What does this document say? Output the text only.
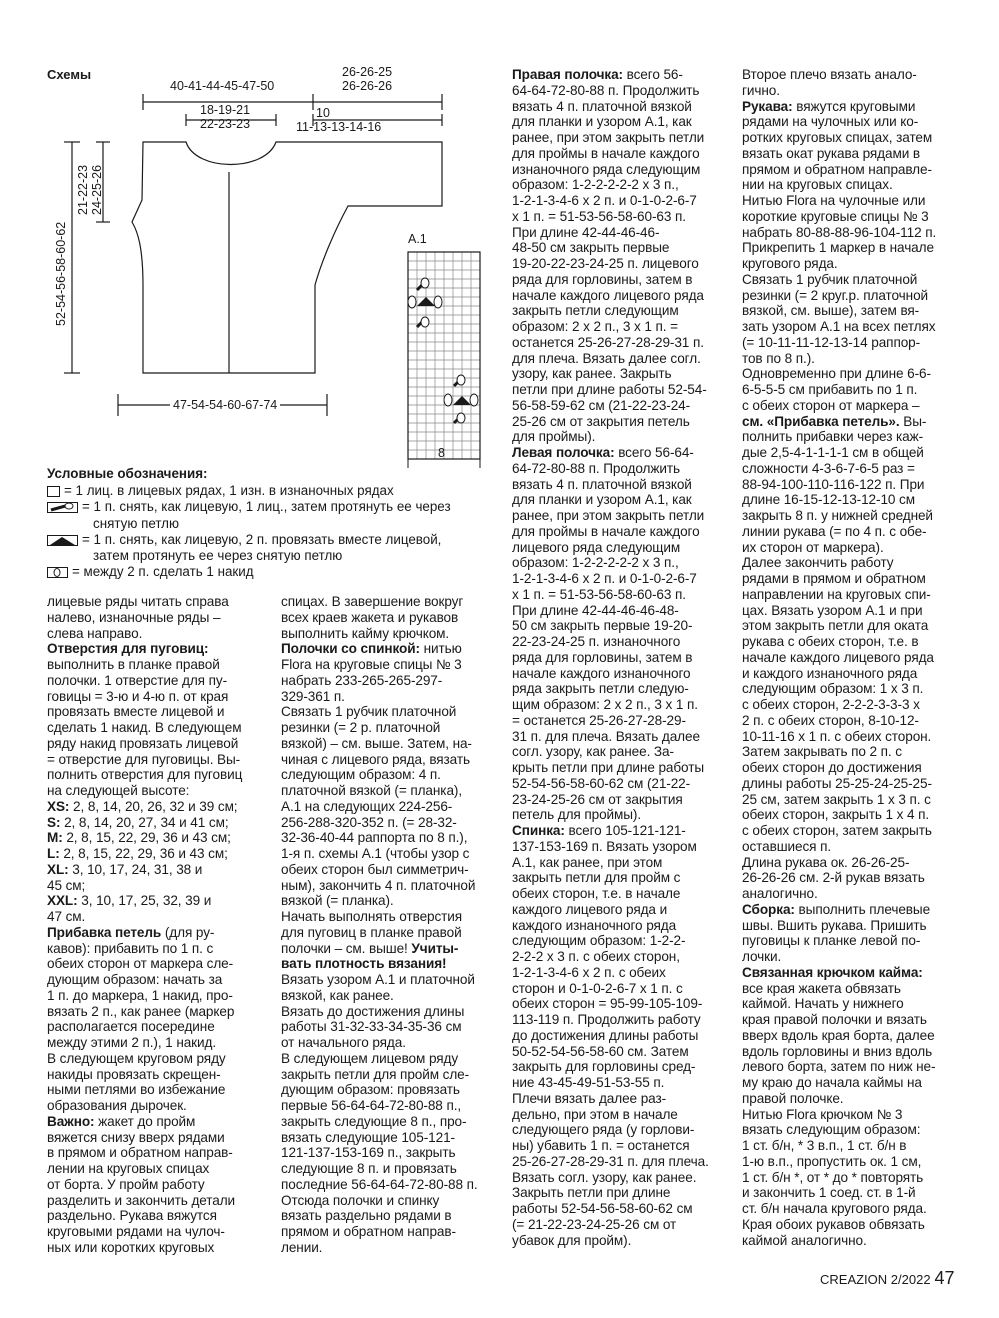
Схемы
40-41-44-45-47-50
26-26-25
26-26-26
18-19-21
22-23-23
10
11-13-13-14-16
21-22-23
24-25-26
52-54-56-58-60-62
47-54-54-60-67-74
A.1
8
Условные обозначения:
= 1 лиц. в лицевых рядах, 1 изн. в изнаночных рядах
= 1 п. снять, как лицевую, 1 лиц., затем протянуть ее через
снятую петлю
= 1 п. снять, как лицевую, 2 п. провязать вместе лицевой,
затем протянуть ее через снятую петлю
= между 2 п. сделать 1 накид
лицевые ряды читать справа
налево, изнаночные ряды –
слева направо.
Отверстия для пуговиц:
выполнить в планке правой
полочки. 1 отверстие для пу-
говицы = 3-ю и 4-ю п. от края
провязать вместе лицевой и
сделать 1 накид. В следующем
ряду накид провязать лицевой
= отверстие для пуговицы. Вы-
полнить отверстия для пуговиц
на следующей высоте:
XS: 2, 8, 14, 20, 26, 32 и 39 см;
S: 2, 8, 14, 20, 27, 34 и 41 см;
M: 2, 8, 15, 22, 29, 36 и 43 см;
L: 2, 8, 15, 22, 29, 36 и 43 см;
XL: 3, 10, 17, 24, 31, 38 и
45 см;
XXL: 3, 10, 17, 25, 32, 39 и
47 см.
Прибавка петель (для ру-
кавов): прибавить по 1 п. с
обеих сторон от маркера сле-
дующим образом: начать за
1 п. до маркера, 1 накид, про-
вязать 2 п., как ранее (маркер
располагается посередине
между этими 2 п.), 1 накид.
В следующем круговом ряду
накиды провязать скрещен-
ными петлями во избежание
образования дырочек.
Важно: жакет до пройм
вяжется снизу вверх рядами
в прямом и обратном направ-
лении на круговых спицах
от борта. У пройм работу
разделить и закончить детали
раздельно. Рукава вяжутся
круговыми рядами на чулоч-
ных или коротких круговых
спицах. В завершение вокруг
всех краев жакета и рукавов
выполнить кайму крючком.
Полочки со спинкой: нитью
Flora на круговые спицы № 3
набрать 233-265-265-297-
329-361 п.
Связать 1 рубчик платочной
резинки (= 2 р. платочной
вязкой) – см. выше. Затем, на-
чиная с лицевого ряда, вязать
следующим образом: 4 п.
платочной вязкой (= планка),
A.1 на следующих 224-256-
256-288-320-352 п. (= 28-32-
32-36-40-44 раппорта по 8 п.),
1-я п. схемы A.1 (чтобы узор с
обеих сторон был симметрич-
ным), закончить 4 п. платочной
вязкой (= планка).
Начать выполнять отверстия
для пуговиц в планке правой
полочки – см. выше! Учиты-
вать плотность вязания!
Вязать узором A.1 и платочной
вязкой, как ранее.
Вязать до достижения длины
работы 31-32-33-34-35-36 см
от начального ряда.
В следующем лицевом ряду
закрыть петли для пройм сле-
дующим образом: провязать
первые 56-64-64-72-80-88 п.,
закрыть следующие 8 п., про-
вязать следующие 105-121-
121-137-153-169 п., закрыть
следующие 8 п. и провязать
последние 56-64-64-72-80-88 п.
Отсюда полочки и спинку
вязать раздельно рядами в
прямом и обратном направ-
лении.
Правая полочка: всего 56-
64-64-72-80-88 п. Продолжить
вязать 4 п. платочной вязкой
для планки и узором A.1, как
ранее, при этом закрыть петли
для проймы в начале каждого
изнаночного ряда следующим
образом: 1-2-2-2-2-2 x 3 п.,
1-2-1-3-4-6 x 2 п. и 0-1-0-2-6-7
x 1 п. = 51-53-56-58-60-63 п.
При длине 42-44-46-46-
48-50 см закрыть первые
19-20-22-23-24-25 п. лицевого
ряда для горловины, затем в
начале каждого лицевого ряда
закрыть петли следующим
образом: 2 x 2 п., 3 x 1 п. =
останется 25-26-27-28-29-31 п.
для плеча. Вязать далее согл.
узору, как ранее. Закрыть
петли при длине работы 52-54-
56-58-59-62 см (21-22-23-24-
25-26 см от закрытия петель
для проймы).
Левая полочка: всего 56-64-
64-72-80-88 п. Продолжить
вязать 4 п. платочной вязкой
для планки и узором A.1, как
ранее, при этом закрыть петли
для проймы в начале каждого
лицевого ряда следующим
образом: 1-2-2-2-2-2 x 3 п.,
1-2-1-3-4-6 x 2 п. и 0-1-0-2-6-7
x 1 п. = 51-53-56-58-60-63 п.
При длине 42-44-46-46-48-
50 см закрыть первые 19-20-
22-23-24-25 п. изнаночного
ряда для горловины, затем в
начале каждого изнаночного
ряда закрыть петли следую-
щим образом: 2 x 2 п., 3 x 1 п.
= останется 25-26-27-28-29-
31 п. для плеча. Вязать далее
согл. узору, как ранее. За-
крыть петли при длине работы
52-54-56-58-60-62 см (21-22-
23-24-25-26 см от закрытия
петель для проймы).
Спинка: всего 105-121-121-
137-153-169 п. Вязать узором
A.1, как ранее, при этом
закрыть петли для пройм с
обеих сторон, т.е. в начале
каждого лицевого ряда и
каждого изнаночного ряда
следующим образом: 1-2-2-
2-2-2 x 3 п. с обеих сторон,
1-2-1-3-4-6 x 2 п. с обеих
сторон и 0-1-0-2-6-7 x 1 п. с
обеих сторон = 95-99-105-109-
113-119 п. Продолжить работу
до достижения длины работы
50-52-54-56-58-60 см. Затем
закрыть для горловины сред-
ние 43-45-49-51-53-55 п.
Плечи вязать далее раз-
дельно, при этом в начале
следующего ряда (у горлови-
ны) убавить 1 п. = останется
25-26-27-28-29-31 п. для плеча.
Вязать согл. узору, как ранее.
Закрыть петли при длине
работы 52-54-56-58-60-62 см
(= 21-22-23-24-25-26 см от
убавок для пройм).
Второе плечо вязать анало-
гично.
Рукава: вяжутся круговыми
рядами на чулочных или ко-
ротких круговых спицах, затем
вязать окат рукава рядами в
прямом и обратном направле-
нии на круговых спицах.
Нитью Flora на чулочные или
короткие круговые спицы № 3
набрать 80-88-88-96-104-112 п.
Прикрепить 1 маркер в начале
кругового ряда.
Связать 1 рубчик платочной
резинки (= 2 круг.р. платочной
вязкой, см. выше), затем вя-
зать узором A.1 на всех петлях
(= 10-11-11-12-13-14 раппор-
тов по 8 п.).
Одновременно при длине 6-6-
6-5-5-5 см прибавить по 1 п.
с обеих сторон от маркера –
см. «Прибавка петель». Вы-
полнить прибавки через каж-
дые 2,5-4-1-1-1-1 см в общей
сложности 4-3-6-7-6-5 раз =
88-94-100-110-116-122 п. При
длине 16-15-12-13-12-10 см
закрыть 8 п. у нижней средней
линии рукава (= по 4 п. с обе-
их сторон от маркера).
Далее закончить работу
рядами в прямом и обратном
направлении на круговых спи-
цах. Вязать узором A.1 и при
этом закрыть петли для оката
рукава с обеих сторон, т.е. в
начале каждого лицевого ряда
и каждого изнаночного ряда
следующим образом: 1 x 3 п.
с обеих сторон, 2-2-2-3-3-3 x
2 п. с обеих сторон, 8-10-12-
10-11-16 x 1 п. с обеих сторон.
Затем закрывать по 2 п. с
обеих сторон до достижения
длины работы 25-25-24-25-25-
25 см, затем закрыть 1 x 3 п. с
обеих сторон, закрыть 1 x 4 п.
с обеих сторон, затем закрыть
оставшиеся п.
Длина рукава ок. 26-26-25-
26-26-26 см. 2-й рукав вязать
аналогично.
Сборка: выполнить плечевые
швы. Вшить рукава. Пришить
пуговицы к планке левой по-
лочки.
Связанная крючком кайма:
все края жакета обвязать
каймой. Начать у нижнего
края правой полочки и вязать
вверх вдоль края борта, далее
вдоль горловины и вниз вдоль
левого борта, затем по ниж не-
му краю до начала каймы на
правой полочке.
Нитью Flora крючком № 3
вязать следующим образом:
1 ст. б/н, * 3 в.п., 1 ст. б/н в
1-ю в.п., пропустить ок. 1 см,
1 ст. б/н *, от * до * повторять
и закончить 1 соед. ст. в 1-й
ст. б/н начала кругового ряда.
Края обоих рукавов обвязать
каймой аналогично.
CREAZION 2/2022 47
